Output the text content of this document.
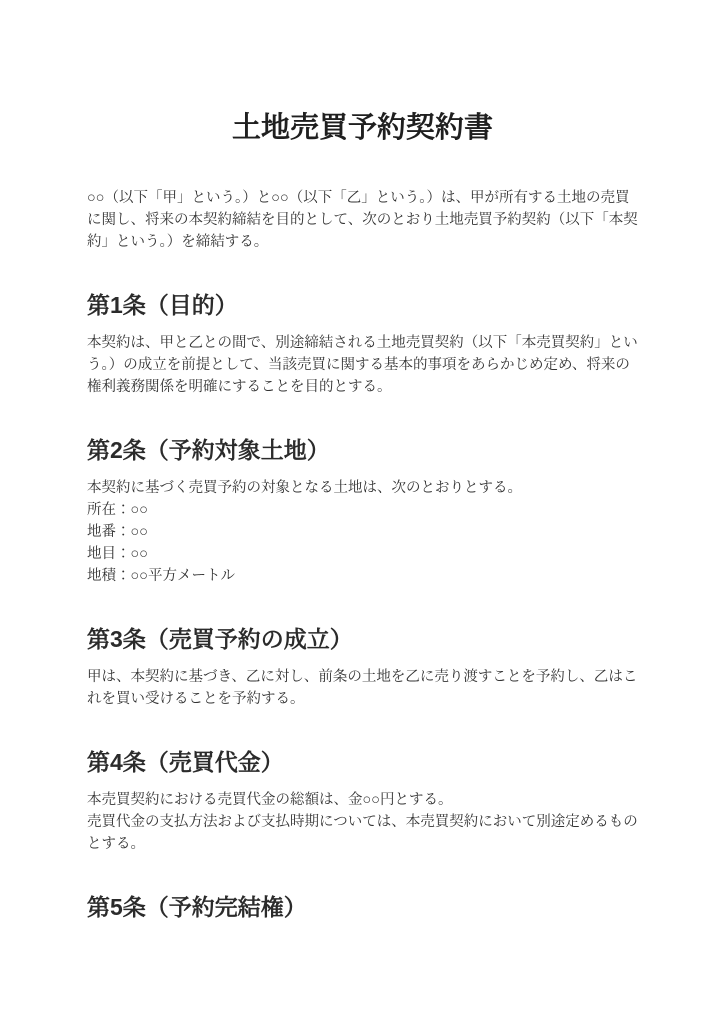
土地売買予約契約書

○○（以下「甲」という。）と○○（以下「乙」という。）は、甲が所有する土地の売買に関し、将来の本契約締結を目的として、次のとおり土地売買予約契約（以下「本契約」という。）を締結する。

第1条（目的）

本契約は、甲と乙との間で、別途締結される土地売買契約（以下「本売買契約」という。）の成立を前提として、当該売買に関する基本的事項をあらかじめ定め、将来の権利義務関係を明確にすることを目的とする。

第2条（予約対象土地）

本契約に基づく売買予約の対象となる土地は、次のとおりとする。

所在：○○

地番：○○

地目：○○

地積：○○平方メートル

第3条（売買予約の成立）

甲は、本契約に基づき、乙に対し、前条の土地を乙に売り渡すことを予約し、乙はこれを買い受けることを予約する。

第4条（売買代金）

本売買契約における売買代金の総額は、金○○円とする。

売買代金の支払方法および支払時期については、本売買契約において別途定めるものとする。

第5条（予約完結権）
